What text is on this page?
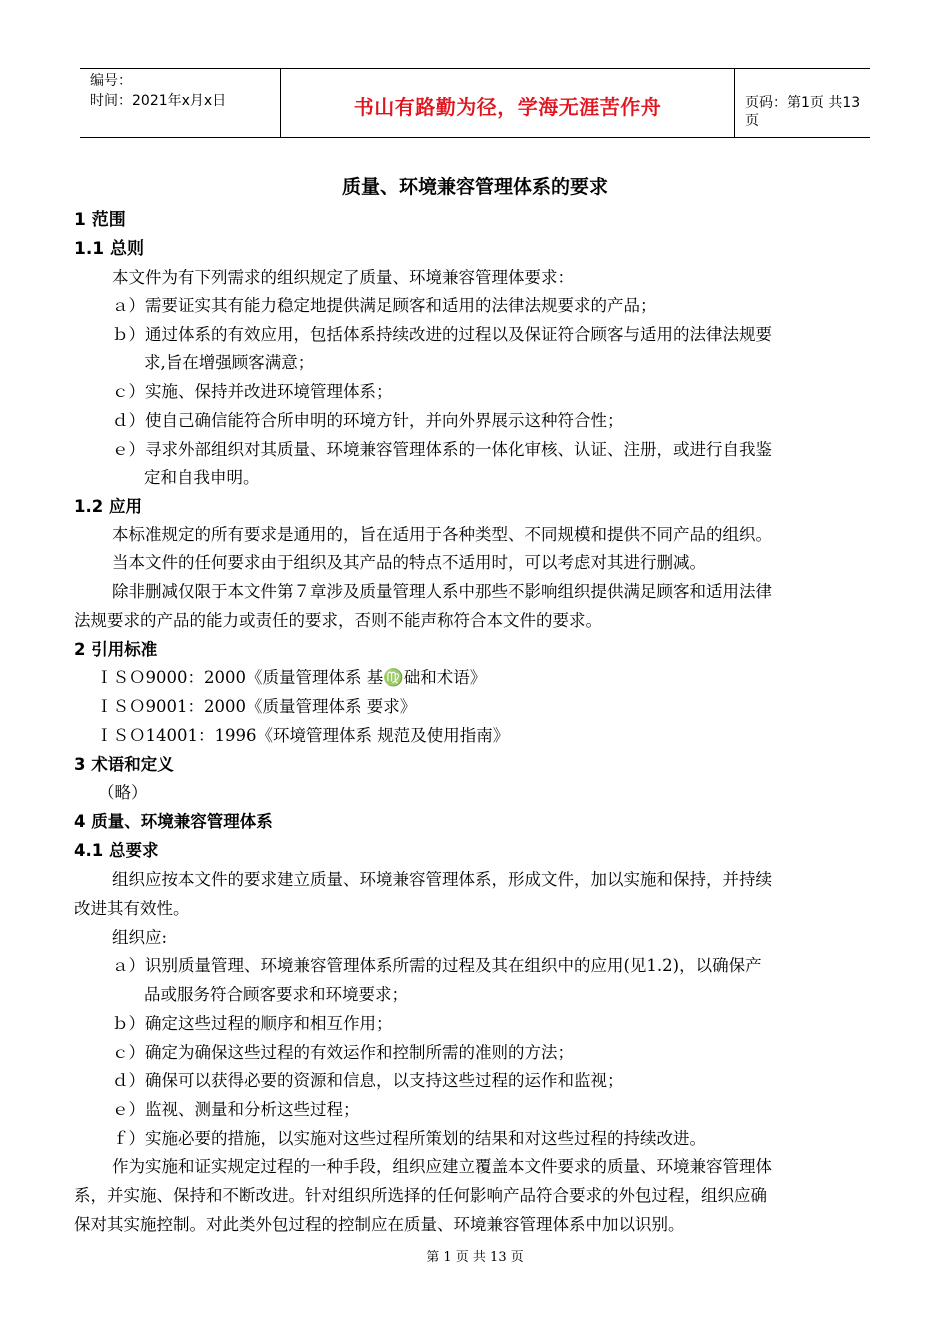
编号：
时间：2021年x月x日	书山有路勤为径，学海无涯苦作舟	页码：第1页 共13页
质量、环境兼容管理体系的要求
1 范围
1.1 总则
本文件为有下列需求的组织规定了质量、环境兼容管理体要求：
ａ）需要证实其有能力稳定地提供满足顾客和适用的法律法规要求的产品；
ｂ）通过体系的有效应用，包括体系持续改进的过程以及保证符合顾客与适用的法律法规要
求,旨在增强顾客满意；
ｃ）实施、保持并改进环境管理体系；
ｄ）使自己确信能符合所申明的环境方针，并向外界展示这种符合性；
ｅ）寻求外部组织对其质量、环境兼容管理体系的一体化审核、认证、注册，或进行自我鉴
定和自我申明。
1.2 应用
本标准规定的所有要求是通用的，旨在适用于各种类型、不同规模和提供不同产品的组织。
当本文件的任何要求由于组织及其产品的特点不适用时，可以考虑对其进行删减。
除非删减仅限于本文件第７章涉及质量管理人系中那些不影响组织提供满足顾客和适用法律
法规要求的产品的能力或责任的要求，否则不能声称符合本文件的要求。
2 引用标准
ＩＳＯ9000：2000《质量管理体系 基♍础和术语》
ＩＳＯ9001：2000《质量管理体系 要求》
ＩＳＯ14001：1996《环境管理体系 规范及使用指南》
3 术语和定义
（略）
4 质量、环境兼容管理体系
4.1 总要求
组织应按本文件的要求建立质量、环境兼容管理体系，形成文件，加以实施和保持，并持续
改进其有效性。
组织应:
ａ）识别质量管理、环境兼容管理体系所需的过程及其在组织中的应用(见1.2)，以确保产
品或服务符合顾客要求和环境要求；
ｂ）确定这些过程的顺序和相互作用；
ｃ）确定为确保这些过程的有效运作和控制所需的准则的方法；
ｄ）确保可以获得必要的资源和信息，以支持这些过程的运作和监视；
ｅ）监视、测量和分析这些过程；
ｆ）实施必要的措施，以实施对这些过程所策划的结果和对这些过程的持续改进。
作为实施和证实规定过程的一种手段，组织应建立覆盖本文件要求的质量、环境兼容管理体
系，并实施、保持和不断改进。针对组织所选择的任何影响产品符合要求的外包过程，组织应确
保对其实施控制。对此类外包过程的控制应在质量、环境兼容管理体系中加以识别。
第 1 页 共 13 页
